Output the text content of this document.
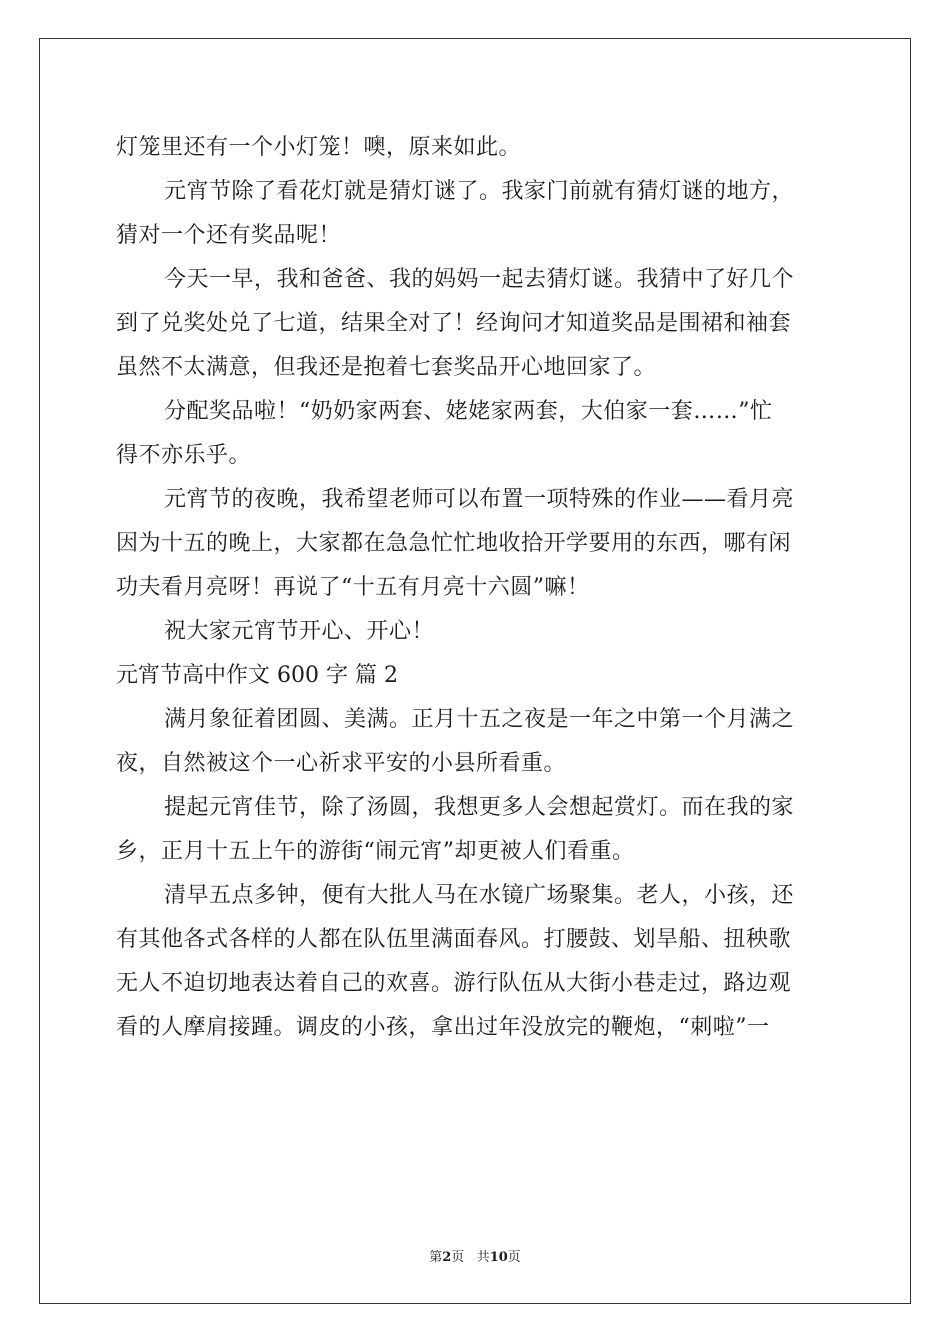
灯笼里还有一个小灯笼！噢，原来如此。
元宵节除了看花灯就是猜灯谜了。我家门前就有猜灯谜的地方，
猜对一个还有奖品呢！
今天一早，我和爸爸、我的妈妈一起去猜灯谜。我猜中了好几个
到了兑奖处兑了七道，结果全对了！经询问才知道奖品是围裙和袖套
虽然不太满意，但我还是抱着七套奖品开心地回家了。
分配奖品啦！“奶奶家两套、姥姥家两套，大伯家一套……”忙
得不亦乐乎。
元宵节的夜晚，我希望老师可以布置一项特殊的作业——看月亮
因为十五的晚上，大家都在急急忙忙地收拾开学要用的东西，哪有闲
功夫看月亮呀！再说了“十五有月亮十六圆”嘛！
祝大家元宵节开心、开心！
元宵节高中作文 600 字 篇 2
满月象征着团圆、美满。正月十五之夜是一年之中第一个月满之
夜，自然被这个一心祈求平安的小县所看重。
提起元宵佳节，除了汤圆，我想更多人会想起赏灯。而在我的家
乡，正月十五上午的游街“闹元宵”却更被人们看重。
清早五点多钟，便有大批人马在水镜广场聚集。老人，小孩，还
有其他各式各样的人都在队伍里满面春风。打腰鼓、划旱船、扭秧歌
无人不迫切地表达着自己的欢喜。游行队伍从大街小巷走过，路边观
看的人摩肩接踵。调皮的小孩，拿出过年没放完的鞭炮，“刺啦”一
第2页 共10页
